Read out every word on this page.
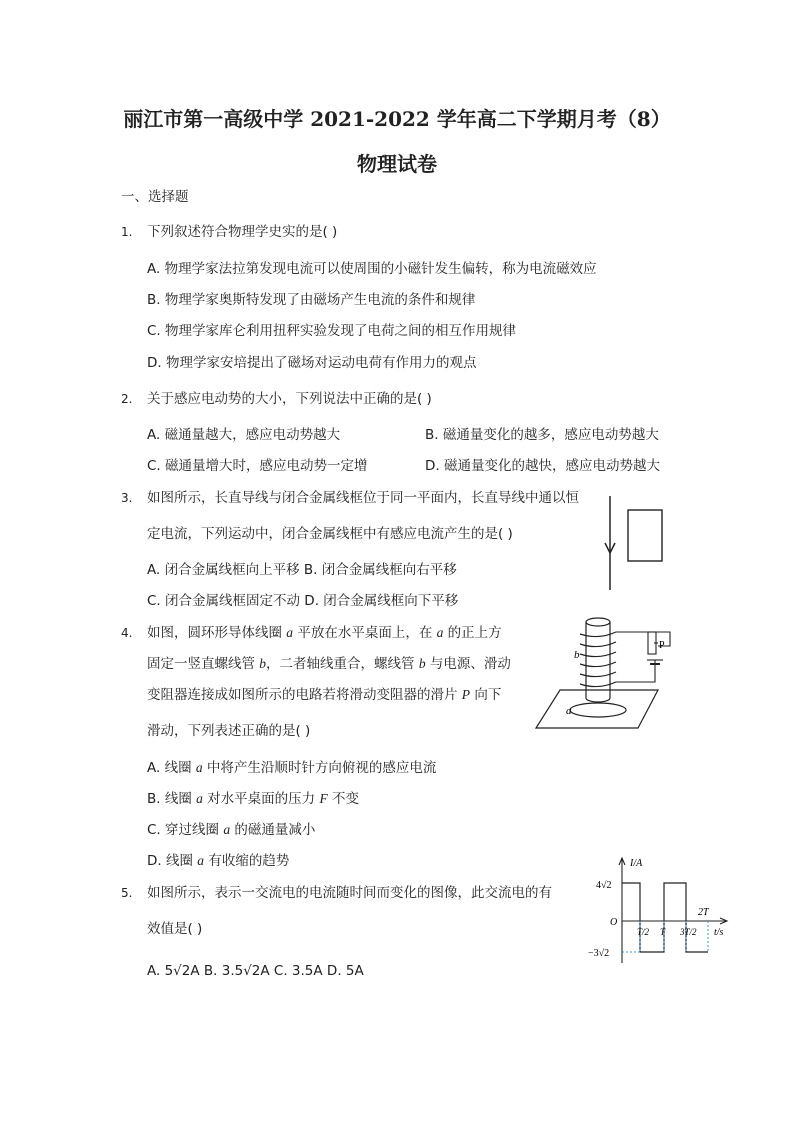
丽江市第一高级中学 2021-2022 学年高二下学期月考（8）
物理试卷
一、选择题
1. 下列叙述符合物理学史实的是( )
A. 物理学家法拉第发现电流可以使周围的小磁针发生偏转，称为电流磁效应
B. 物理学家奥斯特发现了由磁场产生电流的条件和规律
C. 物理学家库仑利用扭秤实验发现了电荷之间的相互作用规律
D. 物理学家安培提出了磁场对运动电荷有作用力的观点
2. 关于感应电动势的大小，下列说法中正确的是( )
A. 磁通量越大，感应电动势越大	B. 磁通量变化的越多，感应电动势越大
C. 磁通量增大时，感应电动势一定增	D. 磁通量变化的越快，感应电动势越大
3. 如图所示，长直导线与闭合金属线框位于同一平面内，长直导线中通以恒
定电流，下列运动中，闭合金属线框中有感应电流产生的是( )
A. 闭合金属线框向上平移 B. 闭合金属线框向右平移
C. 闭合金属线框固定不动 D. 闭合金属线框向下平移
4. 如图，圆环形导体线圈 a 平放在水平桌面上，在 a 的正上方
固定一竖直螺线管 b，二者轴线重合，螺线管 b 与电源、滑动
变阻器连接成如图所示的电路若将滑动变阻器的滑片 P 向下
滑动，下列表述正确的是( )
A. 线圈 a 中将产生沿顺时针方向俯视的感应电流
B. 线圈 a 对水平桌面的压力 F 不变
C. 穿过线圈 a 的磁通量减小
D. 线圈 a 有收缩的趋势
a
b
P
5. 如图所示，表示一交流电的电流随时间而变化的图像，此交流电的有
效值是( )
A. 5√2A B. 3.5√2A C. 3.5A D. 5A
I/A
t/s
O
4√2
−3√2
T/2 T 3T/2
2T
